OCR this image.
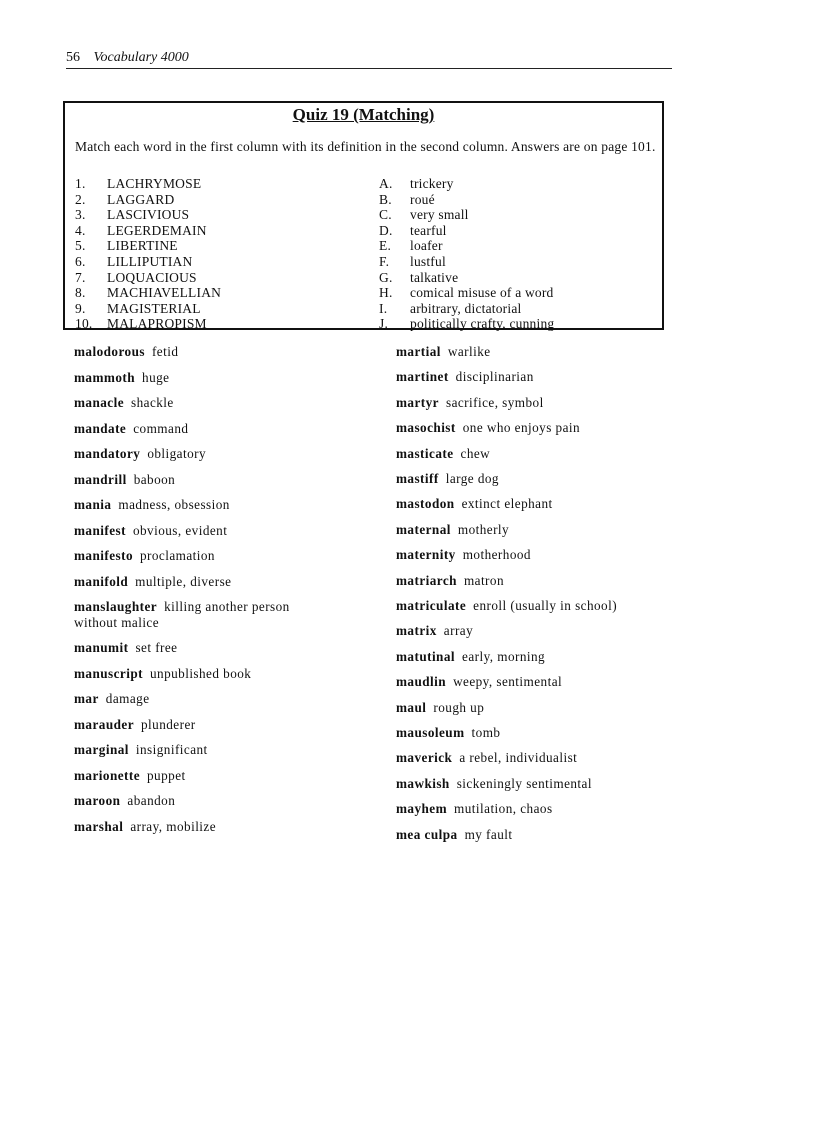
56 Vocabulary 4000
Quiz 19 (Matching)
Match each word in the first column with its definition in the second column. Answers are on page 101.
1. LACHRYMOSE	A. trickery
2. LAGGARD	B. roué
3. LASCIVIOUS	C. very small
4. LEGERDEMAIN	D. tearful
5. LIBERTINE	E. loafer
6. LILLIPUTIAN	F. lustful
7. LOQUACIOUS	G. talkative
8. MACHIAVELLIAN	H. comical misuse of a word
9. MAGISTERIAL	I. arbitrary, dictatorial
10. MALAPROPISM	J. politically crafty, cunning
malodorous fetid
mammoth huge
manacle shackle
mandate command
mandatory obligatory
mandrill baboon
mania madness, obsession
manifest obvious, evident
manifesto proclamation
manifold multiple, diverse
manslaughter killing another person without malice
manumit set free
manuscript unpublished book
mar damage
marauder plunderer
marginal insignificant
marionette puppet
maroon abandon
marshal array, mobilize
martial warlike
martinet disciplinarian
martyr sacrifice, symbol
masochist one who enjoys pain
masticate chew
mastiff large dog
mastodon extinct elephant
maternal motherly
maternity motherhood
matriarch matron
matriculate enroll (usually in school)
matrix array
matutinal early, morning
maudlin weepy, sentimental
maul rough up
mausoleum tomb
maverick a rebel, individualist
mawkish sickeningly sentimental
mayhem mutilation, chaos
mea culpa my fault
